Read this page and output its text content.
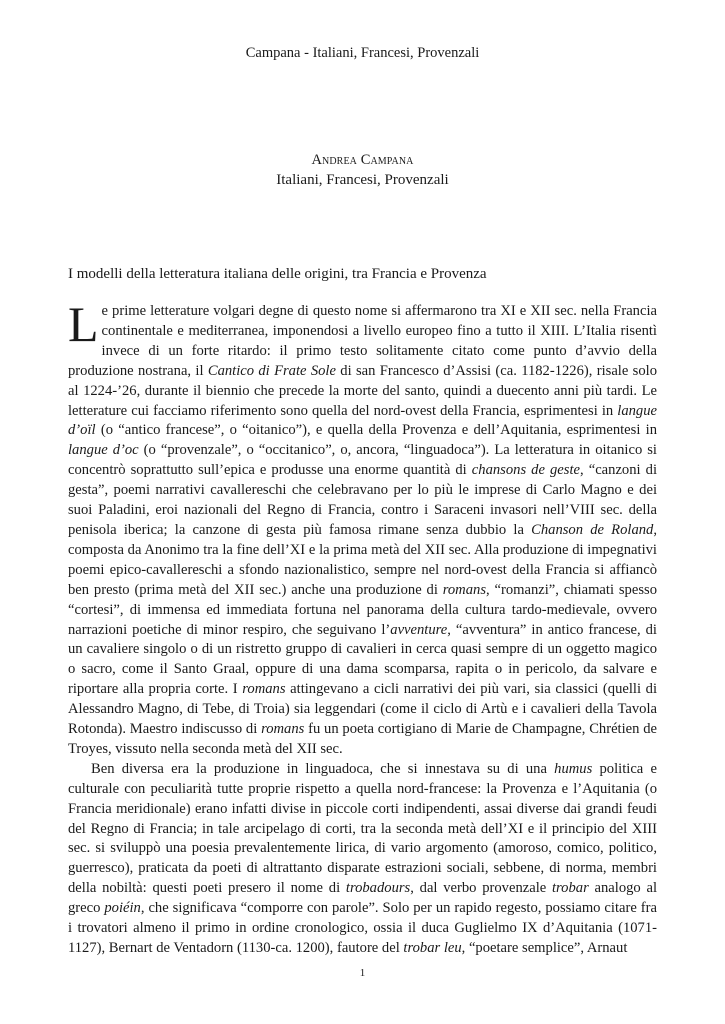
Campana - Italiani, Francesi, Provenzali
Andrea Campana
Italiani, Francesi, Provenzali
I modelli della letteratura italiana delle origini, tra Francia e Provenza

Le prime letterature volgari degne di questo nome si affermarono tra XI e XII sec. nella Francia continentale e mediterranea, imponendosi a livello europeo fino a tutto il XIII. L’Italia risentì invece di un forte ritardo: il primo testo solitamente citato come punto d’avvio della produzione nostrana, il Cantico di Frate Sole di san Francesco d’Assisi (ca. 1182-1226), risale solo al 1224-’26, durante il biennio che precede la morte del santo, quindi a duecento anni più tardi. Le letterature cui facciamo riferimento sono quella del nord-ovest della Francia, esprimentesi in langue d’oïl (o “antico francese”, o “oitanico”), e quella della Provenza e dell’Aquitania, esprimentesi in langue d’oc (o “provenzale”, o “occitanico”, o, ancora, “linguadoca”). La letteratura in oitanico si concentrò soprattutto sull’epica e produsse una enorme quantità di chansons de geste, “canzoni di gesta”, poemi narrativi cavallereschi che celebravano per lo più le imprese di Carlo Magno e dei suoi Paladini, eroi nazionali del Regno di Francia, contro i Saraceni invasori nell’VIII sec. della penisola iberica; la canzone di gesta più famosa rimane senza dubbio la Chanson de Roland, composta da Anonimo tra la fine dell’XI e la prima metà del XII sec. Alla produzione di impegnativi poemi epico-cavallereschi a sfondo nazionalistico, sempre nel nord-ovest della Francia si affiancò ben presto (prima metà del XII sec.) anche una produzione di romans, “romanzi”, chiamati spesso “cortesi”, di immensa ed immediata fortuna nel panorama della cultura tardo-medievale, ovvero narrazioni poetiche di minor respiro, che seguivano l’avventure, “avventura” in antico francese, di un cavaliere singolo o di un ristretto gruppo di cavalieri in cerca quasi sempre di un oggetto magico o sacro, come il Santo Graal, oppure di una dama scomparsa, rapita o in pericolo, da salvare e riportare alla propria corte. I romans attingevano a cicli narrativi dei più vari, sia classici (quelli di Alessandro Magno, di Tebe, di Troia) sia leggendari (come il ciclo di Artù e i cavalieri della Tavola Rotonda). Maestro indiscusso di romans fu un poeta cortigiano di Marie de Champagne, Chrétien de Troyes, vissuto nella seconda metà del XII sec.

Ben diversa era la produzione in linguadoca, che si innestava su di una humus politica e culturale con peculiarità tutte proprie rispetto a quella nord-francese: la Provenza e l’Aquitania (o Francia meridionale) erano infatti divise in piccole corti indipendenti, assai diverse dai grandi feudi del Regno di Francia; in tale arcipelago di corti, tra la seconda metà dell’XI e il principio del XIII sec. si sviluppò una poesia prevalentemente lirica, di vario argomento (amoroso, comico, politico, guerresco), praticata da poeti di altrattanto disparate estrazioni sociali, sebbene, di norma, membri della nobiltà: questi poeti presero il nome di trobadours, dal verbo provenzale trobar analogo al greco poiéin, che significava “comporre con parole”. Solo per un rapido regesto, possiamo citare fra i trovatori almeno il primo in ordine cronologico, ossia il duca Guglielmo IX d’Aquitania (1071-1127), Bernart de Ventadorn (1130-ca. 1200), fautore del trobar leu, “poetare semplice”, Arnaut

1
